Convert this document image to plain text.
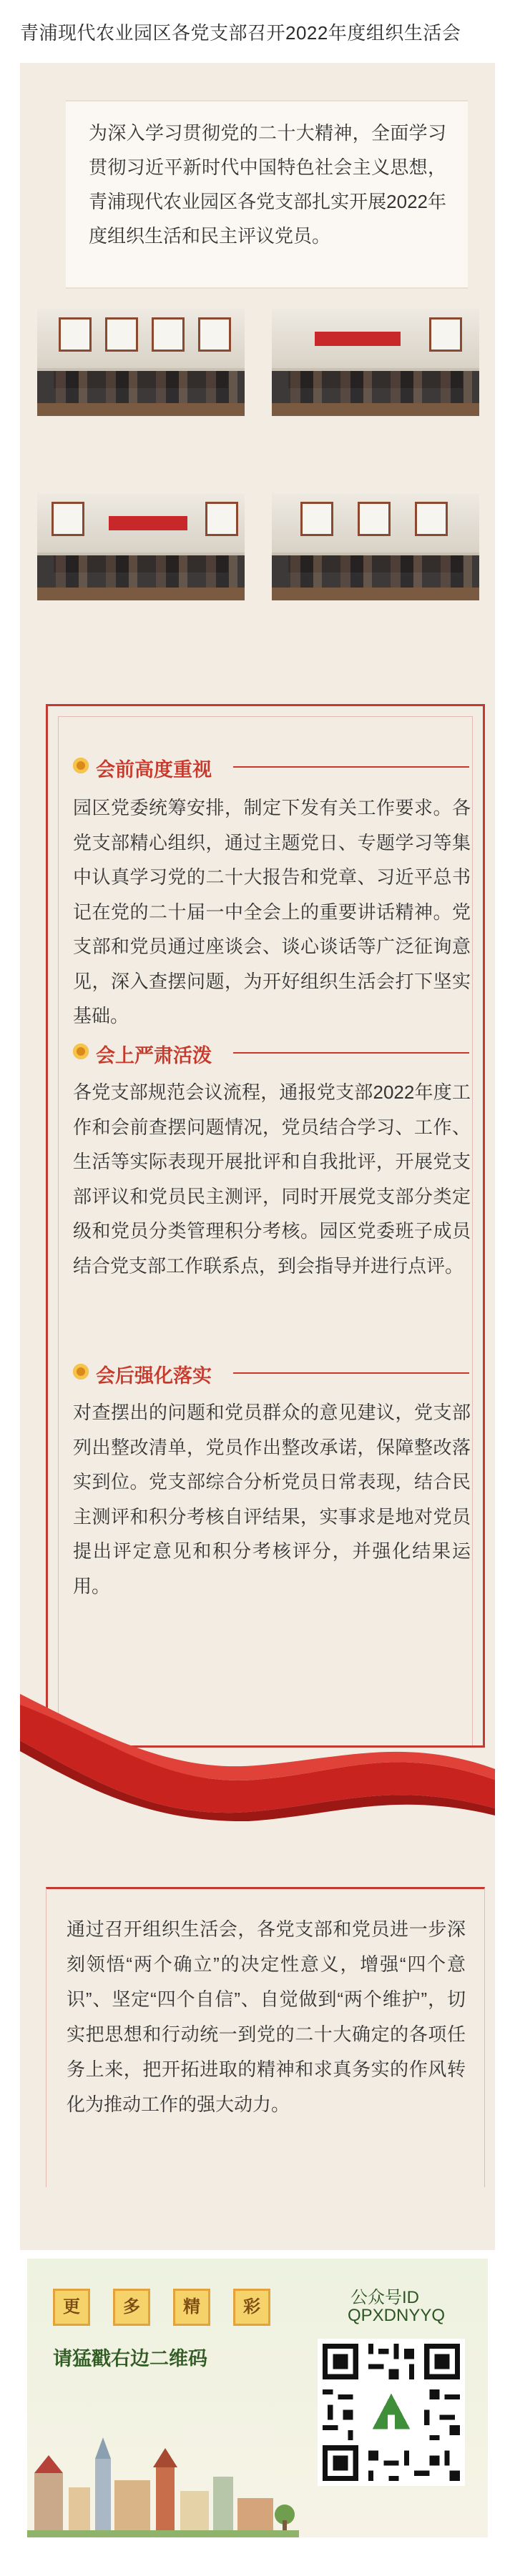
青浦现代农业园区各党支部召开2022年度组织生活会

为深入学习贯彻党的二十大精神，全面学习贯彻习近平新时代中国特色社会主义思想，青浦现代农业园区各党支部扎实开展2022年度组织生活和民主评议党员。

会前高度重视

园区党委统筹安排，制定下发有关工作要求。各党支部精心组织，通过主题党日、专题学习等集中认真学习党的二十大报告和党章、习近平总书记在党的二十届一中全会上的重要讲话精神。党支部和党员通过座谈会、谈心谈话等广泛征询意见，深入查摆问题，为开好组织生活会打下坚实基础。

会上严肃活泼

各党支部规范会议流程，通报党支部2022年度工作和会前查摆问题情况，党员结合学习、工作、生活等实际表现开展批评和自我批评，开展党支部评议和党员民主测评，同时开展党支部分类定级和党员分类管理积分考核。园区党委班子成员结合党支部工作联系点，到会指导并进行点评。

会后强化落实

对查摆出的问题和党员群众的意见建议，党支部列出整改清单，党员作出整改承诺，保障整改落实到位。党支部综合分析党员日常表现，结合民主测评和积分考核自评结果，实事求是地对党员提出评定意见和积分考核评分，并强化结果运用。

通过召开组织生活会，各党支部和党员进一步深刻领悟“两个确立”的决定性意义，增强“四个意识”、坚定“四个自信”、自觉做到“两个维护”，切实把思想和行动统一到党的二十大确定的各项任务上来，把开拓进取的精神和求真务实的作风转化为推动工作的强大动力。

更	多	精	彩
请猛戳右边二维码
公众号ID
QPXDNYYQ
